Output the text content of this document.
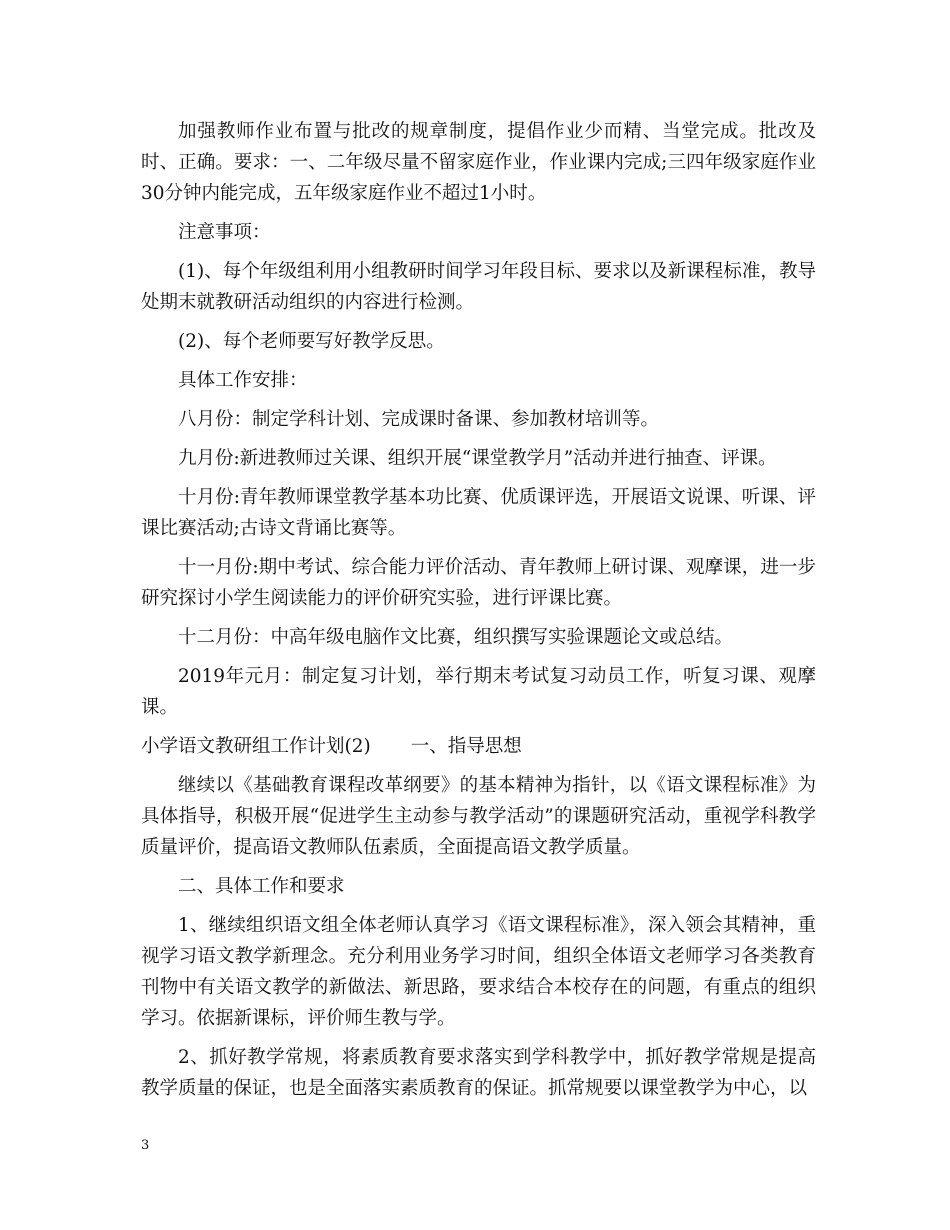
加强教师作业布置与批改的规章制度，提倡作业少而精、当堂完成。批改及时、正确。要求：一、二年级尽量不留家庭作业，作业课内完成;三四年级家庭作业30分钟内能完成，五年级家庭作业不超过1小时。

注意事项：

(1)、每个年级组利用小组教研时间学习年段目标、要求以及新课程标准，教导处期末就教研活动组织的内容进行检测。

(2)、每个老师要写好教学反思。

具体工作安排：

八月份：制定学科计划、完成课时备课、参加教材培训等。

九月份:新进教师过关课、组织开展“课堂教学月”活动并进行抽查、评课。

十月份:青年教师课堂教学基本功比赛、优质课评选，开展语文说课、听课、评课比赛活动;古诗文背诵比赛等。

十一月份:期中考试、综合能力评价活动、青年教师上研讨课、观摩课，进一步研究探讨小学生阅读能力的评价研究实验，进行评课比赛。

十二月份：中高年级电脑作文比赛，组织撰写实验课题论文或总结。

2019年元月：制定复习计划，举行期末考试复习动员工作，听复习课、观摩课。

小学语文教研组工作计划(2) 一、指导思想

继续以《基础教育课程改革纲要》的基本精神为指针，以《语文课程标准》为具体指导，积极开展“促进学生主动参与教学活动”的课题研究活动，重视学科教学质量评价，提高语文教师队伍素质，全面提高语文教学质量。

二、具体工作和要求

1、继续组织语文组全体老师认真学习《语文课程标准》，深入领会其精神，重视学习语文教学新理念。充分利用业务学习时间，组织全体语文老师学习各类教育刊物中有关语文教学的新做法、新思路，要求结合本校存在的问题，有重点的组织学习。依据新课标，评价师生教与学。

2、抓好教学常规，将素质教育要求落实到学科教学中，抓好教学常规是提高教学质量的保证，也是全面落实素质教育的保证。抓常规要以课堂教学为中心，以

3
